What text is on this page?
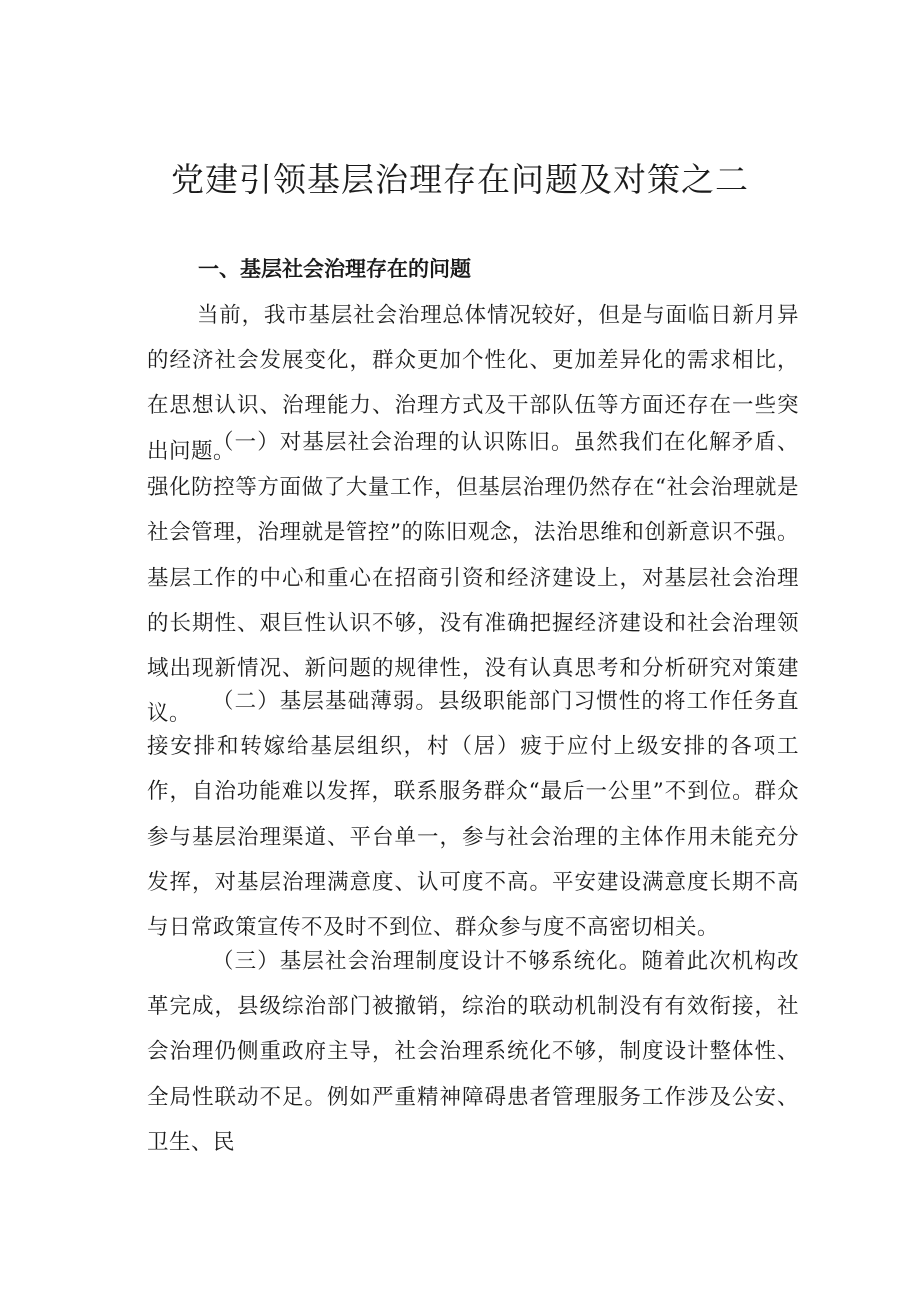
党建引领基层治理存在问题及对策之二
一、基层社会治理存在的问题

当前，我市基层社会治理总体情况较好，但是与面临日新月异的经济社会发展变化，群众更加个性化、更加差异化的需求相比，在思想认识、治理能力、治理方式及干部队伍等方面还存在一些突出问题。

（一）对基层社会治理的认识陈旧。虽然我们在化解矛盾、强化防控等方面做了大量工作，但基层治理仍然存在“社会治理就是社会管理，治理就是管控”的陈旧观念，法治思维和创新意识不强。基层工作的中心和重心在招商引资和经济建设上，对基层社会治理的长期性、艰巨性认识不够，没有准确把握经济建设和社会治理领域出现新情况、新问题的规律性，没有认真思考和分析研究对策建议。 （二）基层基础薄弱。县级职能部门习惯性的将工作任务直接安排和转嫁给基层组织，村（居）疲于应付上级安排的各项工作，自治功能难以发挥，联系服务群众“最后一公里”不到位。群众参与基层治理渠道、平台单一，参与社会治理的主体作用未能充分发挥，对基层治理满意度、认可度不高。平安建设满意度长期不高与日常政策宣传不及时不到位、群众参与度不高密切相关。

（三）基层社会治理制度设计不够系统化。随着此次机构改革完成，县级综治部门被撤销，综治的联动机制没有有效衔接，社会治理仍侧重政府主导，社会治理系统化不够，制度设计整体性、全局性联动不足。例如严重精神障碍患者管理服务工作涉及公安、卫生、民
